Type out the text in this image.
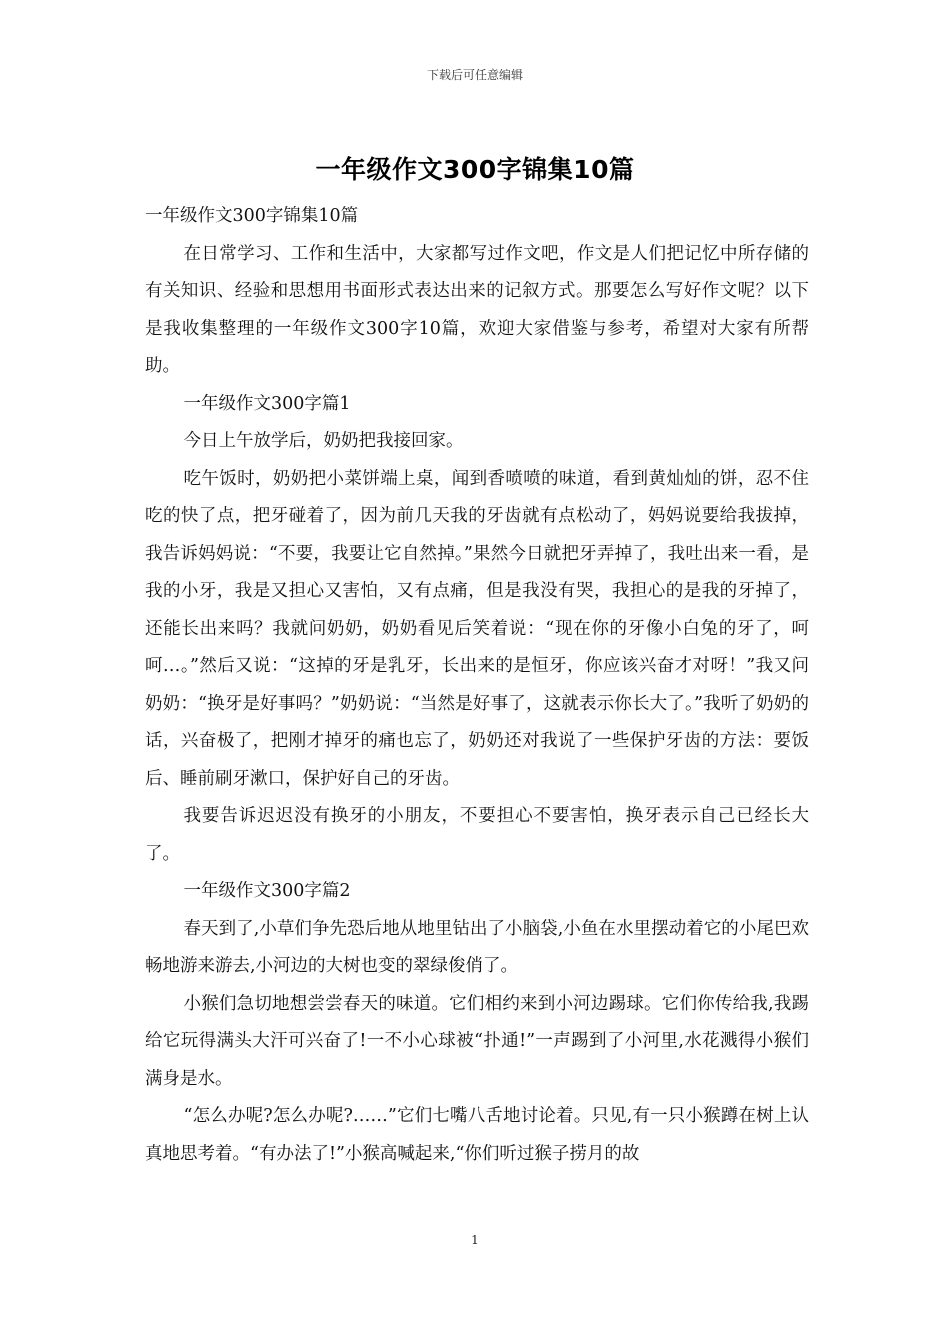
下载后可任意编辑
一年级作文300字锦集10篇

一年级作文300字锦集10篇

在日常学习、工作和生活中，大家都写过作文吧，作文是人们把记忆中所存储的有关知识、经验和思想用书面形式表达出来的记叙方式。那要怎么写好作文呢？以下是我收集整理的一年级作文300字10篇，欢迎大家借鉴与参考，希望对大家有所帮助。

一年级作文300字篇1

今日上午放学后，奶奶把我接回家。

吃午饭时，奶奶把小菜饼端上桌，闻到香喷喷的味道，看到黄灿灿的饼，忍不住吃的快了点，把牙碰着了，因为前几天我的牙齿就有点松动了，妈妈说要给我拔掉，我告诉妈妈说：“不要，我要让它自然掉。”果然今日就把牙弄掉了，我吐出来一看，是我的小牙，我是又担心又害怕，又有点痛，但是我没有哭，我担心的是我的牙掉了，还能长出来吗？我就问奶奶，奶奶看见后笑着说：“现在你的牙像小白兔的牙了，呵呵…。”然后又说：“这掉的牙是乳牙，长出来的是恒牙，你应该兴奋才对呀！”我又问奶奶：“换牙是好事吗？”奶奶说：“当然是好事了，这就表示你长大了。”我听了奶奶的话，兴奋极了，把刚才掉牙的痛也忘了，奶奶还对我说了一些保护牙齿的方法：要饭后、睡前刷牙漱口，保护好自己的牙齿。

我要告诉迟迟没有换牙的小朋友，不要担心不要害怕，换牙表示自己已经长大了。

一年级作文300字篇2

春天到了,小草们争先恐后地从地里钻出了小脑袋,小鱼在水里摆动着它的小尾巴欢畅地游来游去,小河边的大树也变的翠绿俊俏了。

小猴们急切地想尝尝春天的味道。它们相约来到小河边踢球。它们你传给我,我踢给它玩得满头大汗可兴奋了!一不小心球被“扑通!”一声踢到了小河里,水花溅得小猴们满身是水。

“怎么办呢?怎么办呢?……”它们七嘴八舌地讨论着。只见,有一只小猴蹲在树上认真地思考着。“有办法了!”小猴高喊起来,“你们听过猴子捞月的故

1
